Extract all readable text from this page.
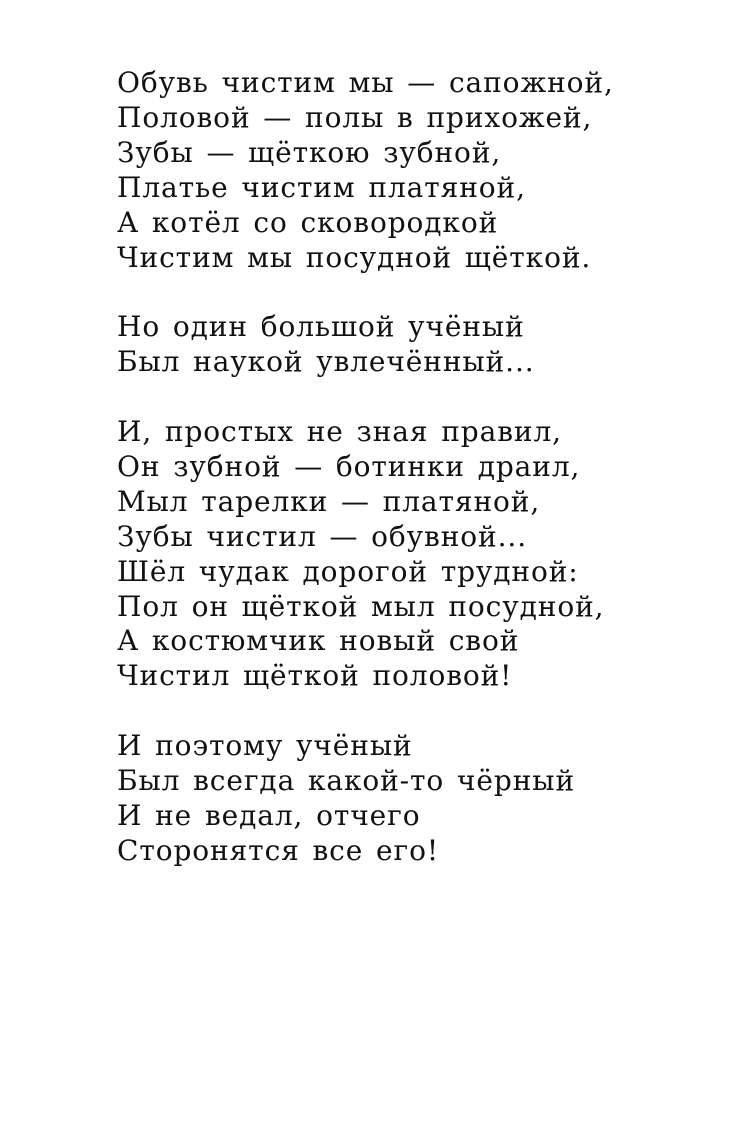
Обувь чистим мы — сапожной,
Половой — полы в прихожей,
Зубы — щёткою зубной,
Платье чистим платяной,
А котёл со сковородкой
Чистим мы посудной щёткой.
Но один большой учёный
Был наукой увлечённый...
И, простых не зная правил,
Он зубной — ботинки драил,
Мыл тарелки — платяной,
Зубы чистил — обувной...
Шёл чудак дорогой трудной:
Пол он щёткой мыл посудной,
А костюмчик новый свой
Чистил щёткой половой!
И поэтому учёный
Был всегда какой-то чёрный
И не ведал, отчего
Сторонятся все его!
